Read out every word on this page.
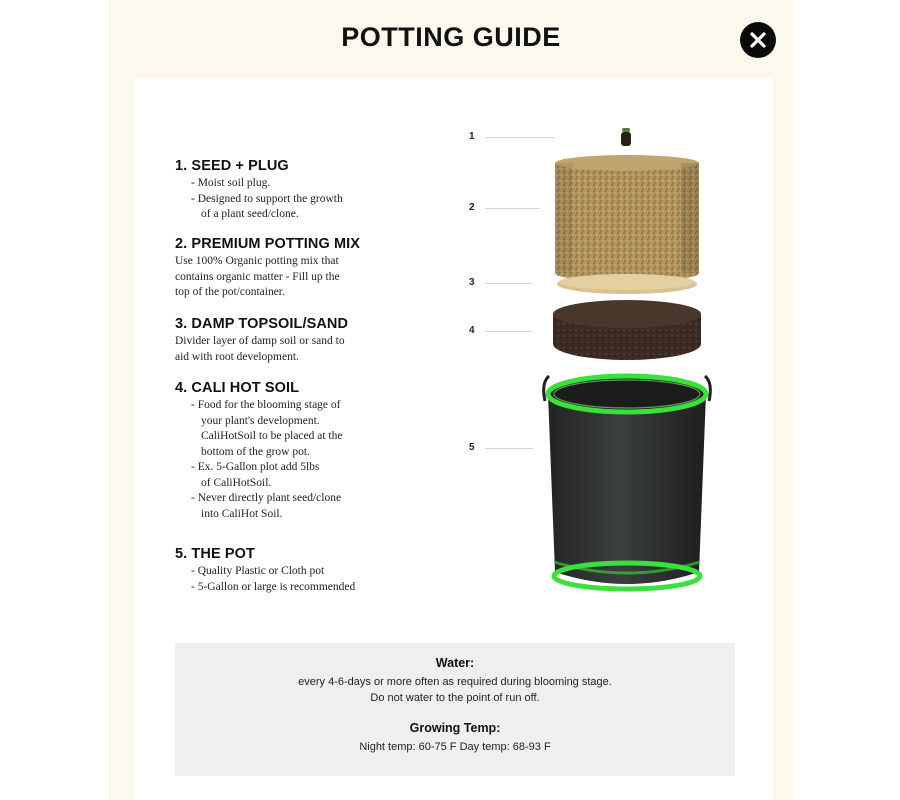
POTTING GUIDE
1. SEED + PLUG
- Moist soil plug.
- Designed to support the growth
of a plant seed/clone.
2. PREMIUM POTTING MIX
Use 100% Organic potting mix that
contains organic matter - Fill up the
top of the pot/container.
3. DAMP TOPSOIL/SAND
Divider layer of damp soil or sand to
aid with root development.
4. CALI HOT SOIL
- Food for the blooming stage of
your plant's development.
CaliHotSoil to be placed at the
bottom of the grow pot.
- Ex. 5-Gallon plot add 5lbs
of CaliHotSoil.
- Never directly plant seed/clone
into CaliHot Soil.
5. THE POT
- Quality Plastic or Cloth pot
- 5-Gallon or large is recommended
1
2
3
4
5
Water:
every 4-6-days or more often as required during blooming stage.
Do not water to the point of run off.
Growing Temp:
Night temp: 60-75 F Day temp: 68-93 F
